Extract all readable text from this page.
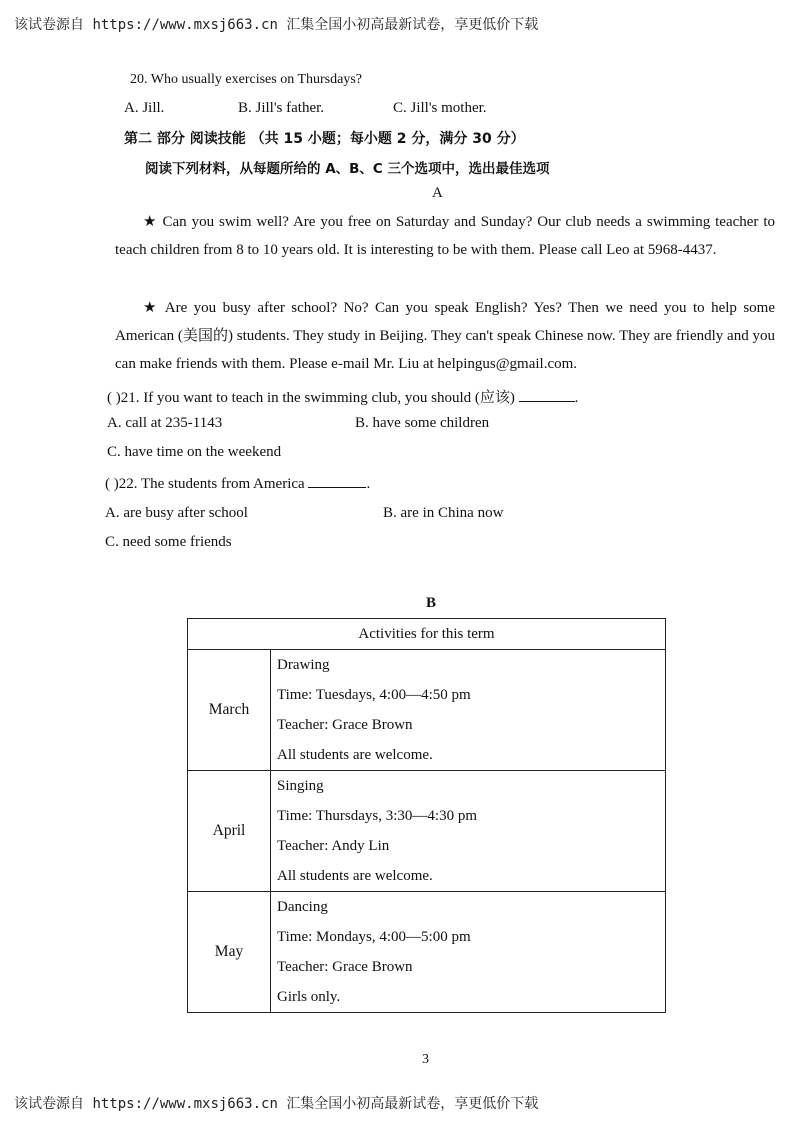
该试卷源自 https://www.mxsj663.cn 汇集全国小初高最新试卷，享更低价下载
20. Who usually exercises on Thursdays?
A. Jill.	B. Jill's father.	C. Jill's mother.
第二 部分 阅读技能 （共 15 小题；每小题 2 分，满分 30 分）
阅读下列材料，从每题所给的 A、B、C 三个选项中，选出最佳选项
A
★ Can you swim well? Are you free on Saturday and Sunday? Our club needs a swimming teacher to teach children from 8 to 10 years old. It is interesting to be with them. Please call Leo at 5968-4437.
★ Are you busy after school? No? Can you speak English? Yes? Then we need you to help some American (美国的) students. They study in Beijing. They can't speak Chinese now. They are friendly and you can make friends with them. Please e-mail Mr. Liu at helpingus@gmail.com.
( )21. If you want to teach in the swimming club, you should (应该)	.
A. call at 235-1143	B. have some children
C. have time on the weekend
( )22. The students from America	.
A. are busy after school	B. are in China now
C. need some friends
B
Activities for this term	
March	Drawing
Time: Tuesdays, 4:00—4:50 pm
Teacher: Grace Brown
All students are welcome.

April	Singing
Time: Thursdays, 3:30—4:30 pm
Teacher: Andy Lin
All students are welcome.

May	Dancing
Time: Mondays, 4:00—5:00 pm
Teacher: Grace Brown
Girls only.
3
该试卷源自 https://www.mxsj663.cn 汇集全国小初高最新试卷，享更低价下载
